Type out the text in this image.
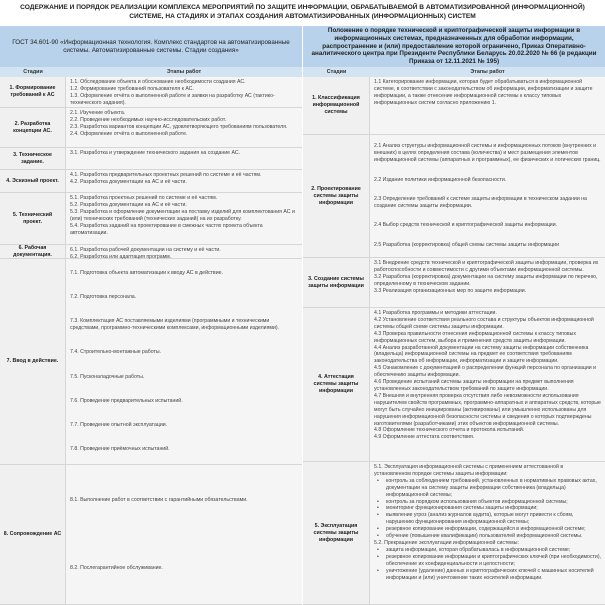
СОДЕРЖАНИЕ И ПОРЯДОК РЕАЛИЗАЦИИ КОМПЛЕКСА МЕРОПРИЯТИЙ ПО ЗАЩИТЕ ИНФОРМАЦИИ, ОБРАБАТЫВАЕМОЙ В АВТОМАТИЗИРОВАННОЙ (ИНФОРМАЦИОННОЙ) СИСТЕМЕ, НА СТАДИЯХ И ЭТАПАХ СОЗДАНИЯ АВТОМАТИЗИРОВАННЫХ (ИНФОРМАЦИОННЫХ) СИСТЕМ
ГОСТ 34.601-90 «Информационная технология. Комплекс стандартов на автоматизированные системы. Автоматизированные системы. Стадии создания»
Положение о порядке технической и криптографической защиты информации в информационных системах, предназначенных для обработки информации, распространение и (или) предоставление которой ограничено, Приказ Оперативно-аналитического центра при Президенте Республики Беларусь 20.02.2020 № 66 (в редакции Приказа от 12.11.2021 № 195)
Стадии	Этапы работ	Стадии	Этапы работ
1. Формирование требований к АС
1.1. Обследование объекта и обоснование необходимости создания АС.
1.2. Формирование требований пользователя к АС.
1.3. Оформление отчёта о выполненной работе и заявки на разработку АС (тактико-технического задания).
2. Разработка концепции АС.
2.1. Изучение объекта.
2.2. Проведение необходимых научно-исследовательских работ.
2.3. Разработка вариантов концепции АС, удовлетворяющего требованиям пользователя.
2.4. Оформление отчёта о выполненной работе.
3. Техническое задание.
3.1. Разработка и утверждение технического задания на создание АС.
4. Эскизный проект.
4.1. Разработка предварительных проектных решений по системе и её частям.
4.2. Разработка документации на АС и её части.
5. Технический проект.
5.1. Разработка проектных решений по системе и её частям.
5.2. Разработка документации на АС и её части.
5.3. Разработка и оформление документации на поставку изделий для комплектования АС и (или) технических требований (технических заданий) на их разработку.
5.4. Разработка заданий на проектирование в смежных частях проекта объекта автоматизации.
6. Рабочая документация.
6.1. Разработка рабочей документации на систему и её части.
6.2. Разработка или адаптация программ.
7. Ввод в действие.
7.1. Подготовка объекта автоматизации к вводу АС в действие.
7.2. Подготовка персонала.
7.3. Комплектация АС поставляемыми изделиями (программными и техническими средствами, программно-техническими комплексами, информационными изделиями).
7.4. Строительно-монтажные работы.
7.5. Пусконаладочные работы.
7.6. Проведение предварительных испытаний.
7.7. Проведение опытной эксплуатации.
7.8. Проведение приёмочных испытаний.
8. Сопровождение АС
8.1. Выполнение работ в соответствии с гарантийными обязательствами.
8.2. Послегарантийное обслуживание.
1. Классификация информационной системы
1.1 Категорирование информации, которая будет обрабатываться в информационной системе, в соответствии с законодательством об информации, информатизации и защите информации, а также отнесение информационной системы к классу типовых информационных систем согласно приложению 1.
2. Проектирование системы защиты информации
2.1 Анализ структуры информационной системы и информационных потоков (внутренних и внешних) в целях определения состава (количества) и мест размещения элементов информационной системы (аппаратных и программных), ее физических и логических границ.
2.2 Издание политики информационной безопасности.
2.3 Определение требований к системе защиты информации в техническом задании на создание системы защиты информации.
2.4 Выбор средств технической и криптографической защиты информации.
2.5 Разработка (корректировка) общей схемы системы защиты информации
3. Создание системы защиты информации
3.1 Внедрение средств технической и криптографической защиты информации, проверка их работоспособности и совместимости с другими объектами информационной системы.
3.2 Разработка (корректировка) документации на систему защиты информации по перечню, определенному в техническом задании.
3.3 Реализация организационных мер по защите информации.
4. Аттестация системы защиты информации
4.1 Разработка программы и методики аттестации.
4.2 Установление соответствия реального состава и структуры объектов информационной системы общей схеме системы защиты информации.
4.3 Проверка правильности отнесения информационной системы к классу типовых информационных систем, выбора и применения средств защиты информации.
4.4 Анализ разработанной документации на систему защиты информации собственника (владельца) информационной системы на предмет ее соответствия требованиям законодательства об информации, информатизации и защите информации.
4.5 Ознакомление с документацией о распределении функций персонала по организации и обеспечению защиты информации.
4.6 Проведение испытаний системы защиты информации на предмет выполнения установленных законодательством требований по защите информации.
4.7 Внешняя и внутренняя проверка отсутствия либо невозможности использования нарушителем свойств программных, программно-аппаратных и аппаратных средств, которые могут быть случайно инициированы (активированы) или умышленно использованы для нарушения информационной безопасности системы и сведения о которых подтверждены изготовителями (разработчиками) этих объектов информационной системы.
4.8 Оформление технического отчета и протокола испытаний.
4.9 Оформление аттестата соответствия.
5. Эксплуатация системы защиты информации
5.1. Эксплуатация информационной системы с применением аттестованной в установленном порядке системы защиты информации:
• контроль за соблюдением требований, установленных в нормативных правовых актах, документации на систему защиты информации собственника (владельца) информационной системы;
• контроль за порядком использования объектов информационной системы;
• мониторинг функционирования системы защиты информации;
• выявление угроз (анализ журналов аудита), которые могут привести к сбоям, нарушению функционирования информационной системы;
• резервное копирование информации, содержащейся в информационной системе;
• обучение (повышение квалификации) пользователей информационной системы.
5.2. Прекращение эксплуатации информационной системы:
• защита информации, которая обрабатывалась в информационной системе;
• резервное копирование информации и криптографических ключей (при необходимости), обеспечение их конфиденциальности и целостности;
• уничтожение (удаление) данных и криптографических ключей с машинных носителей информации и (или) уничтожение таких носителей информации.
